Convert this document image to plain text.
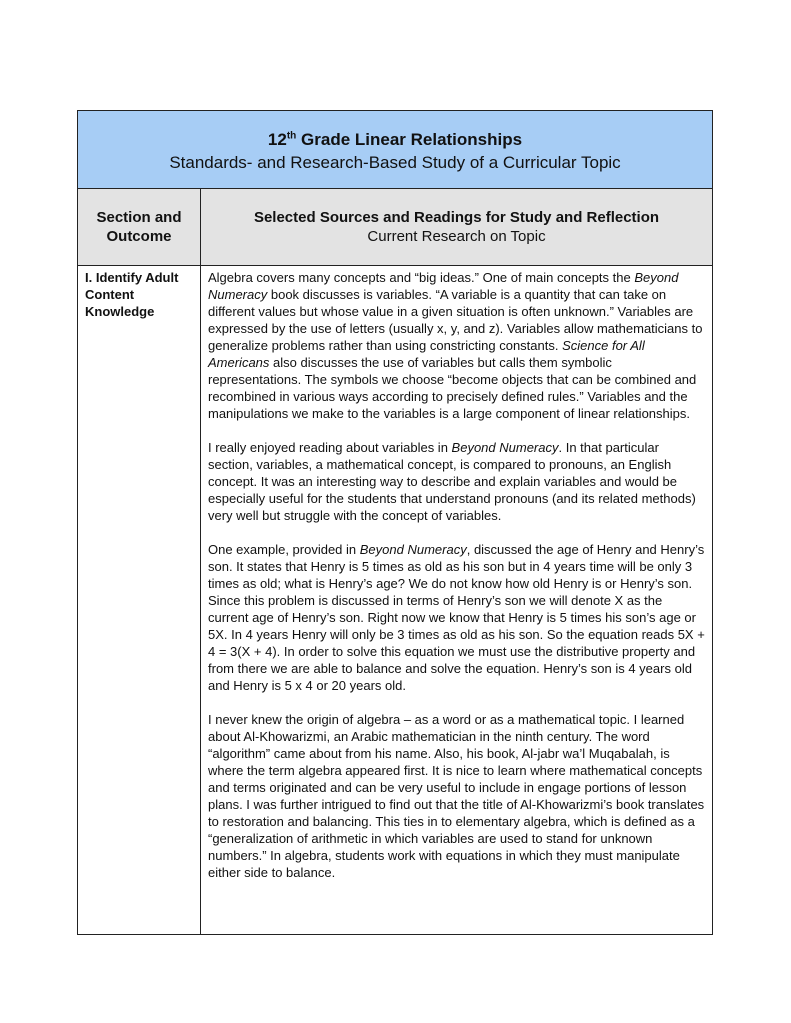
12th Grade Linear Relationships
Standards- and Research-Based Study of a Curricular Topic	

Section and Outcome	Selected Sources and Readings for Study and Reflection
Current Research on Topic

I. Identify Adult Content Knowledge	Algebra covers many concepts and “big ideas.” One of main concepts the Beyond Numeracy book discusses is variables. “A variable is a quantity that can take on different values but whose value in a given situation is often unknown.” Variables are expressed by the use of letters (usually x, y, and z). Variables allow mathematicians to generalize problems rather than using constricting constants. Science for All Americans also discusses the use of variables but calls them symbolic representations. The symbols we choose “become objects that can be combined and recombined in various ways according to precisely defined rules.” Variables and the manipulations we make to the variables is a large component of linear relationships.

I really enjoyed reading about variables in Beyond Numeracy. In that particular section, variables, a mathematical concept, is compared to pronouns, an English concept. It was an interesting way to describe and explain variables and would be especially useful for the students that understand pronouns (and its related methods) very well but struggle with the concept of variables.

One example, provided in Beyond Numeracy, discussed the age of Henry and Henry’s son. It states that Henry is 5 times as old as his son but in 4 years time will be only 3 times as old; what is Henry’s age? We do not know how old Henry is or Henry’s son. Since this problem is discussed in terms of Henry’s son we will denote X as the current age of Henry’s son. Right now we know that Henry is 5 times his son’s age or 5X. In 4 years Henry will only be 3 times as old as his son. So the equation reads 5X + 4 = 3(X + 4). In order to solve this equation we must use the distributive property and from there we are able to balance and solve the equation. Henry’s son is 4 years old and Henry is 5 x 4 or 20 years old.

I never knew the origin of algebra – as a word or as a mathematical topic. I learned about Al-Khowarizmi, an Arabic mathematician in the ninth century. The word “algorithm” came about from his name. Also, his book, Al-jabr wa’l Muqabalah, is where the term algebra appeared first. It is nice to learn where mathematical concepts and terms originated and can be very useful to include in engage portions of lesson plans. I was further intrigued to find out that the title of Al-Khowarizmi’s book translates to restoration and balancing. This ties in to elementary algebra, which is defined as a “generalization of arithmetic in which variables are used to stand for unknown numbers.” In algebra, students work with equations in which they must manipulate either side to balance.
